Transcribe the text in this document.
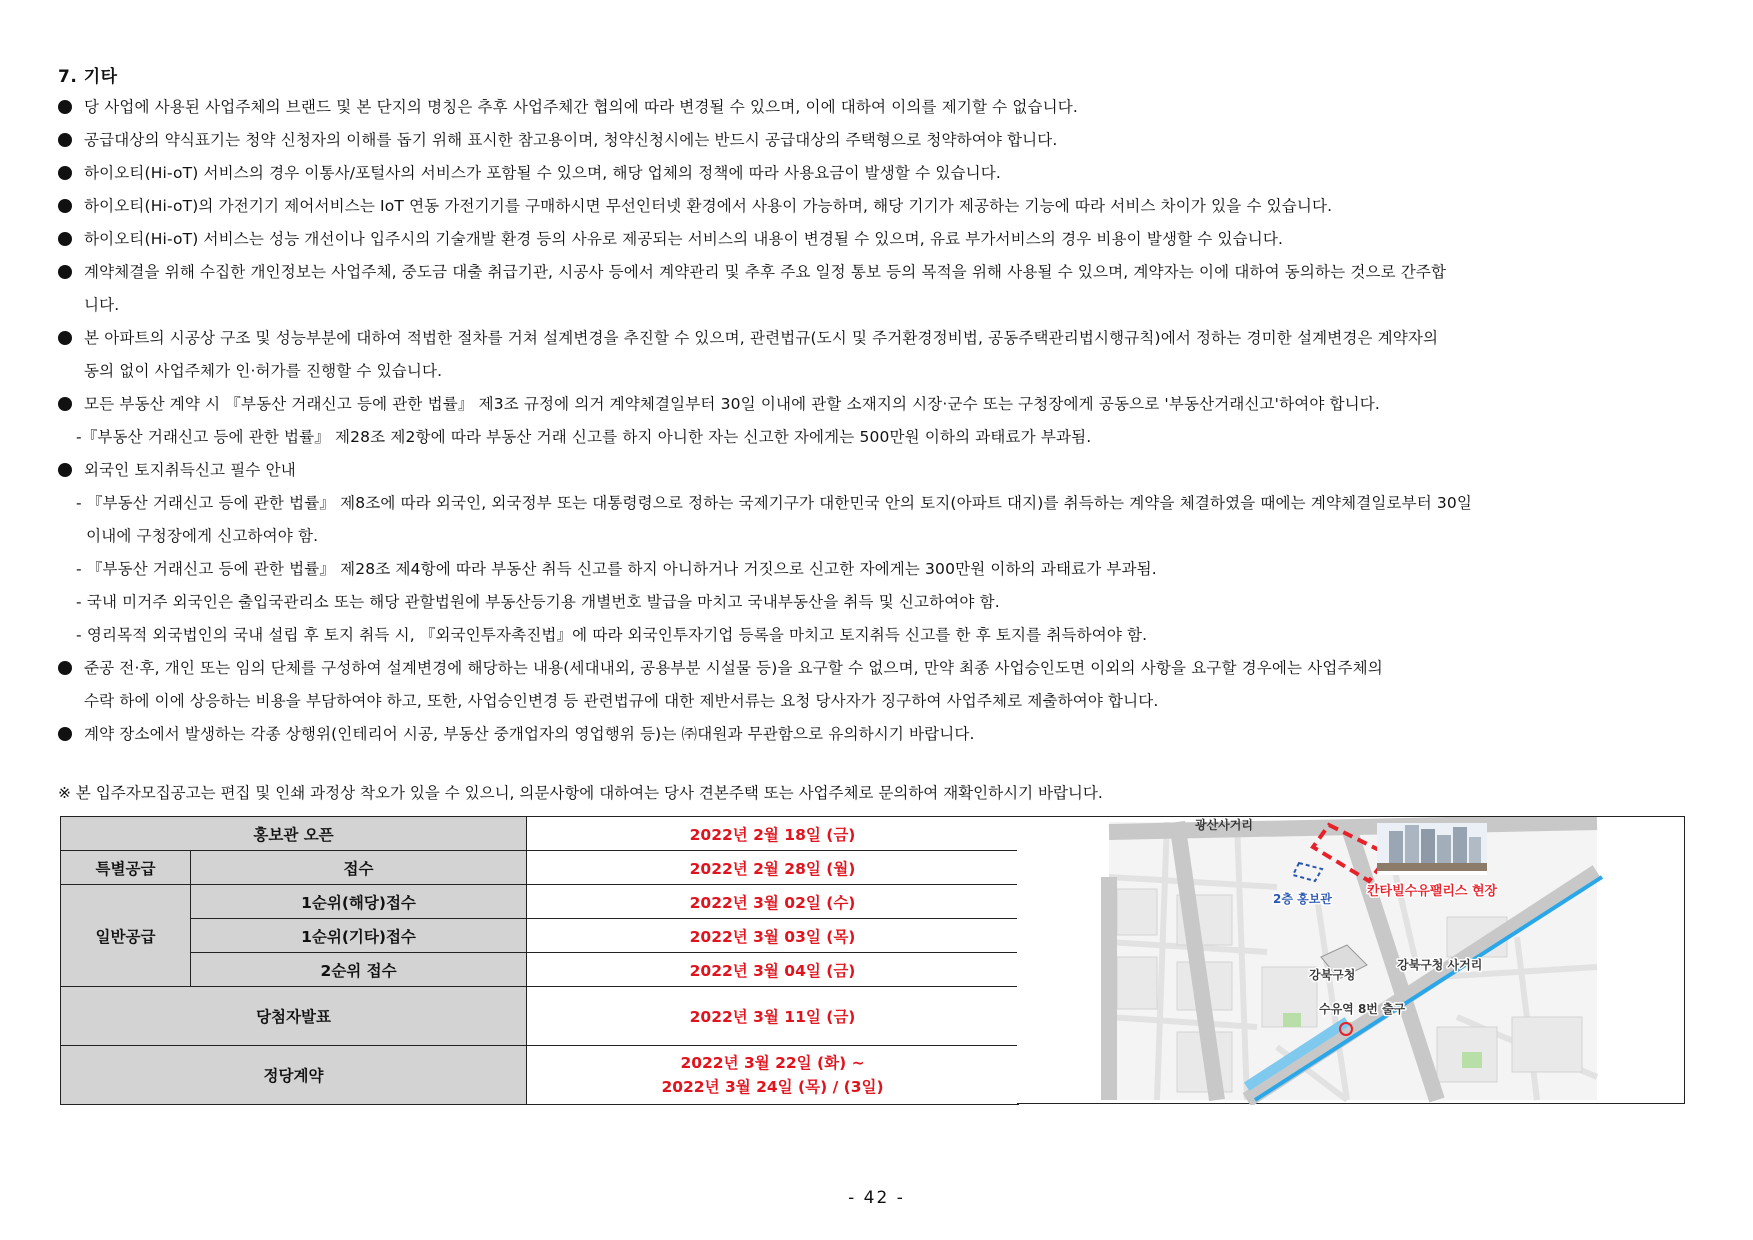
7. 기타
당 사업에 사용된 사업주체의 브랜드 및 본 단지의 명칭은 추후 사업주체간 협의에 따라 변경될 수 있으며, 이에 대하여 이의를 제기할 수 없습니다.
공급대상의 약식표기는 청약 신청자의 이해를 돕기 위해 표시한 참고용이며, 청약신청시에는 반드시 공급대상의 주택형으로 청약하여야 합니다.
하이오티(Hi-oT) 서비스의 경우 이통사/포털사의 서비스가 포함될 수 있으며, 해당 업체의 정책에 따라 사용요금이 발생할 수 있습니다.
하이오티(Hi-oT)의 가전기기 제어서비스는 IoT 연동 가전기기를 구매하시면 무선인터넷 환경에서 사용이 가능하며, 해당 기기가 제공하는 기능에 따라 서비스 차이가 있을 수 있습니다.
하이오티(Hi-oT) 서비스는 성능 개선이나 입주시의 기술개발 환경 등의 사유로 제공되는 서비스의 내용이 변경될 수 있으며, 유료 부가서비스의 경우 비용이 발생할 수 있습니다.
계약체결을 위해 수집한 개인정보는 사업주체, 중도금 대출 취급기관, 시공사 등에서 계약관리 및 추후 주요 일정 통보 등의 목적을 위해 사용될 수 있으며, 계약자는 이에 대하여 동의하는 것으로 간주합
니다.
본 아파트의 시공상 구조 및 성능부분에 대하여 적법한 절차를 거쳐 설계변경을 추진할 수 있으며, 관련법규(도시 및 주거환경정비법, 공동주택관리법시행규칙)에서 정하는 경미한 설계변경은 계약자의
동의 없이 사업주체가 인·허가를 진행할 수 있습니다.
모든 부동산 계약 시 『부동산 거래신고 등에 관한 법률』 제3조 규정에 의거 계약체결일부터 30일 이내에 관할 소재지의 시장·군수 또는 구청장에게 공동으로 '부동산거래신고'하여야 합니다.
-『부동산 거래신고 등에 관한 법률』 제28조 제2항에 따라 부동산 거래 신고를 하지 아니한 자는 신고한 자에게는 500만원 이하의 과태료가 부과됨.
외국인 토지취득신고 필수 안내
- 『부동산 거래신고 등에 관한 법률』 제8조에 따라 외국인, 외국정부 또는 대통령령으로 정하는 국제기구가 대한민국 안의 토지(아파트 대지)를 취득하는 계약을 체결하였을 때에는 계약체결일로부터 30일
이내에 구청장에게 신고하여야 함.
- 『부동산 거래신고 등에 관한 법률』 제28조 제4항에 따라 부동산 취득 신고를 하지 아니하거나 거짓으로 신고한 자에게는 300만원 이하의 과태료가 부과됨.
- 국내 미거주 외국인은 출입국관리소 또는 해당 관할법원에 부동산등기용 개별번호 발급을 마치고 국내부동산을 취득 및 신고하여야 함.
- 영리목적 외국법인의 국내 설립 후 토지 취득 시, 『외국인투자촉진법』에 따라 외국인투자기업 등록을 마치고 토지취득 신고를 한 후 토지를 취득하여야 함.
준공 전·후, 개인 또는 임의 단체를 구성하여 설계변경에 해당하는 내용(세대내외, 공용부분 시설물 등)을 요구할 수 없으며, 만약 최종 사업승인도면 이외의 사항을 요구할 경우에는 사업주체의
수락 하에 이에 상응하는 비용을 부담하여야 하고, 또한, 사업승인변경 등 관련법규에 대한 제반서류는 요청 당사자가 징구하여 사업주체로 제출하여야 합니다.
계약 장소에서 발생하는 각종 상행위(인테리어 시공, 부동산 중개업자의 영업행위 등)는 ㈜대원과 무관함으로 유의하시기 바랍니다.
※ 본 입주자모집공고는 편집 및 인쇄 과정상 착오가 있을 수 있으니, 의문사항에 대하여는 당사 견본주택 또는 사업주체로 문의하여 재확인하시기 바랍니다.
홍보관 오픈		2022년 2월 18일 (금)
특별공급	접수	2022년 2월 28일 (월)
일반공급	1순위(해당)접수	2022년 3월 02일 (수)
	1순위(기타)접수	2022년 3월 03일 (목)
	2순위 접수	2022년 3월 04일 (금)
당첨자발표		2022년 3월 11일 (금)
정당계약		2022년 3월 22일 (화) ~
2022년 3월 24일 (목) / (3일)
광산사거리
칸타빌수유팰리스 현장
2층 홍보관
강북구청
강북구청 사거리
수유역 8번 출구
- 42 -
